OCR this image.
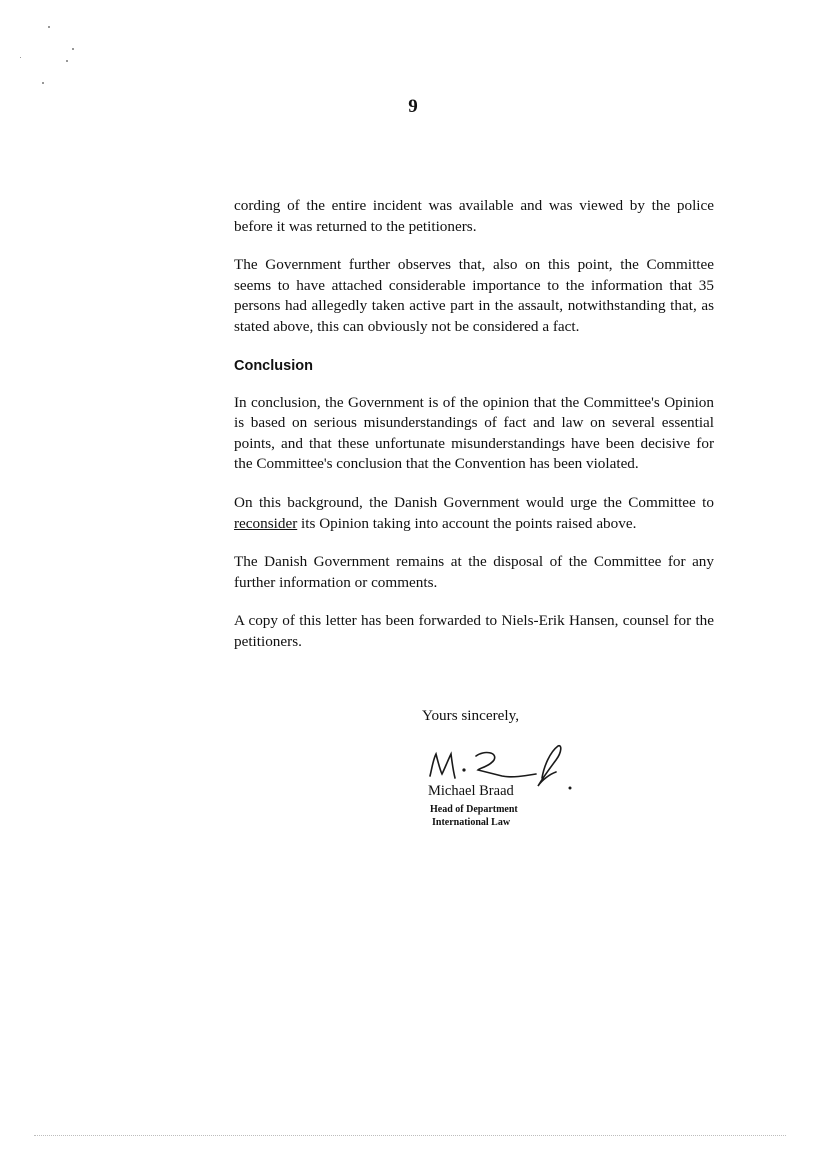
9

cording of the entire incident was available and was viewed by the police before it was returned to the petitioners.

The Government further observes that, also on this point, the Committee seems to have attached considerable importance to the information that 35 persons had allegedly taken active part in the assault, notwithstanding that, as stated above, this can obviously not be considered a fact.

Conclusion

In conclusion, the Government is of the opinion that the Committee's Opinion is based on serious misunderstandings of fact and law on several essential points, and that these unfortunate misunderstandings have been decisive for the Committee's conclusion that the Convention has been violated.

On this background, the Danish Government would urge the Committee to reconsider its Opinion taking into account the points raised above.

The Danish Government remains at the disposal of the Committee for any further information or comments.

A copy of this letter has been forwarded to Niels-Erik Hansen, counsel for the petitioners.

Yours sincerely,
Michael Braad
Head of Department
International Law
